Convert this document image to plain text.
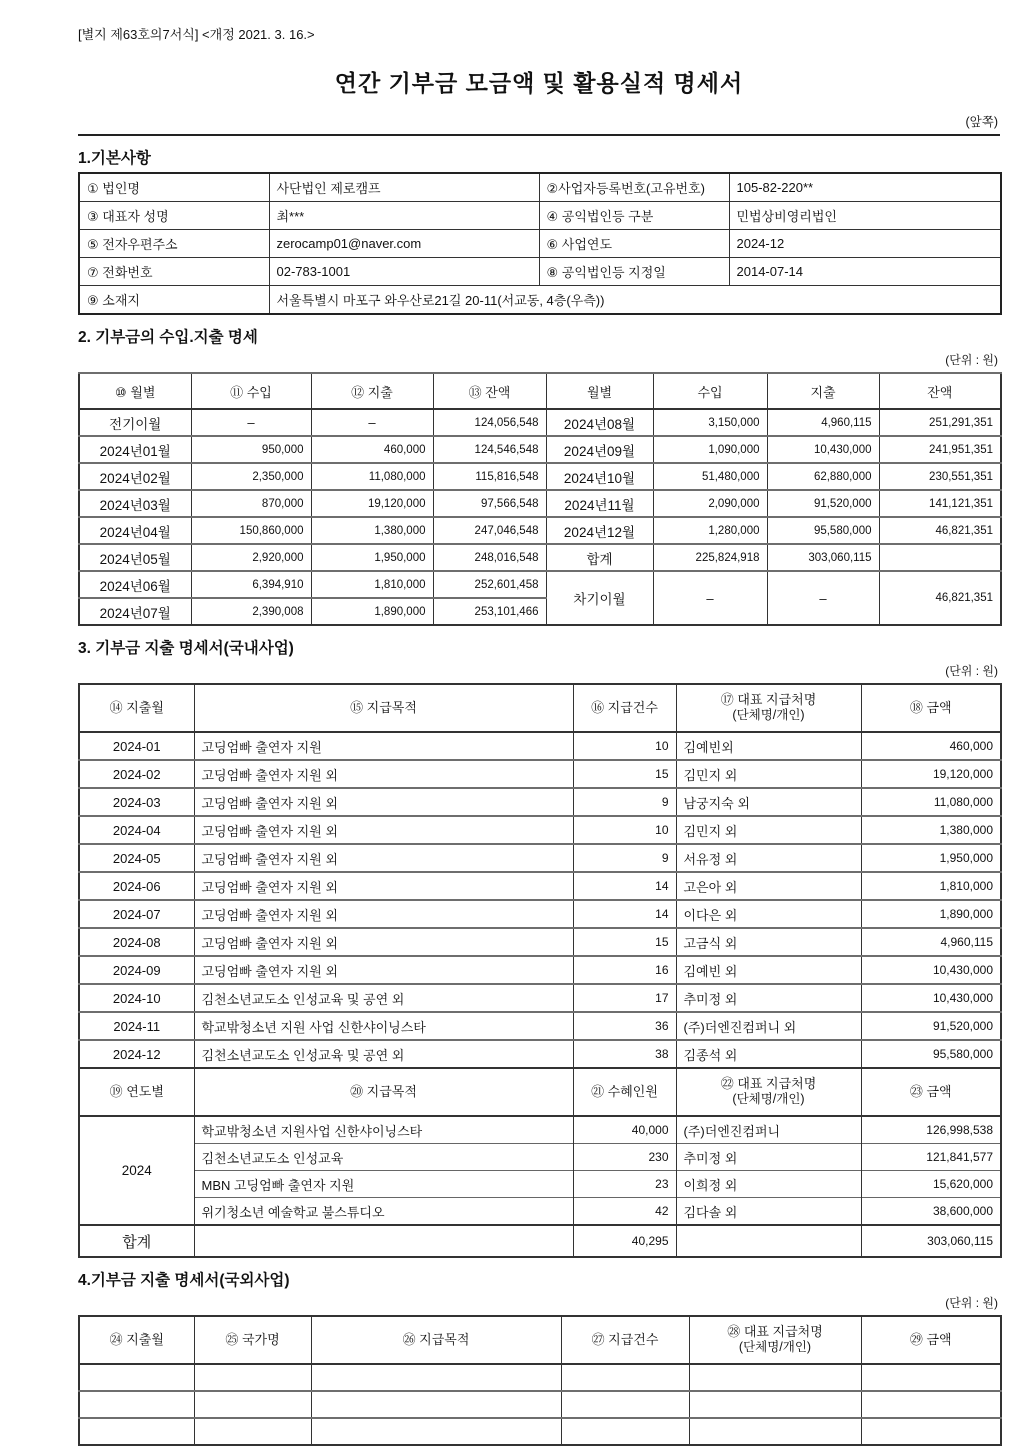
[별지 제63호의7서식] <개정 2021. 3. 16.>
연간 기부금 모금액 및 활용실적 명세서
(앞쪽)
1.기본사항
① 법인명	사단법인 제로캠프	②사업자등록번호(고유번호)	105-82-220**
③ 대표자 성명	최***	④ 공익법인등 구분	민법상비영리법인
⑤ 전자우편주소	zerocamp01@naver.com	⑥ 사업연도	2024-12
⑦ 전화번호	02-783-1001	⑧ 공익법인등 지정일	2014-07-14
⑨ 소재지	서울특별시 마포구 와우산로21길 20-11(서교동, 4층(우측))		
2. 기부금의 수입.지출 명세
(단위 : 원)
⑩ 월별	⑪ 수입	⑫ 지출	⑬ 잔액	월별	수입	지출	잔액
전기이월	–	–	124,056,548	2024년08월	3,150,000	4,960,115	251,291,351
2024년01월	950,000	460,000	124,546,548	2024년09월	1,090,000	10,430,000	241,951,351
2024년02월	2,350,000	11,080,000	115,816,548	2024년10월	51,480,000	62,880,000	230,551,351
2024년03월	870,000	19,120,000	97,566,548	2024년11월	2,090,000	91,520,000	141,121,351
2024년04월	150,860,000	1,380,000	247,046,548	2024년12월	1,280,000	95,580,000	46,821,351
2024년05월	2,920,000	1,950,000	248,016,548	합계	225,824,918	303,060,115	
2024년06월	6,394,910	1,810,000	252,601,458	차기이월	–	–	46,821,351
2024년07월	2,390,008	1,890,000	253,101,466				
3. 기부금 지출 명세서(국내사업)
(단위 : 원)
⑭ 지출월	⑮ 지급목적	⑯ 지급건수	⑰ 대표 지급처명
(단체명/개인)	⑱ 금액
2024-01	고딩엄빠 출연자 지원	10	김예빈외	460,000
2024-02	고딩엄빠 출연자 지원 외	15	김민지 외	19,120,000
2024-03	고딩엄빠 출연자 지원 외	9	남궁지숙 외	11,080,000
2024-04	고딩엄빠 출연자 지원 외	10	김민지 외	1,380,000
2024-05	고딩엄빠 출연자 지원 외	9	서유정 외	1,950,000
2024-06	고딩엄빠 출연자 지원 외	14	고은아 외	1,810,000
2024-07	고딩엄빠 출연자 지원 외	14	이다은 외	1,890,000
2024-08	고딩엄빠 출연자 지원 외	15	고금식 외	4,960,115
2024-09	고딩엄빠 출연자 지원 외	16	김예빈 외	10,430,000
2024-10	김천소년교도소 인성교육 및 공연 외	17	추미정 외	10,430,000
2024-11	학교밖청소년 지원 사업 신한샤이닝스타	36	(주)더엔진컴퍼니 외	91,520,000
2024-12	김천소년교도소 인성교육 및 공연 외	38	김종석 외	95,580,000
⑲ 연도별	⑳ 지급목적	㉑ 수혜인원	㉒ 대표 지급처명
(단체명/개인)	㉓ 금액
2024	학교밖청소년 지원사업 신한샤이닝스타	40,000	(주)더엔진컴퍼니	126,998,538
	김천소년교도소 인성교육	230	추미정 외	121,841,577
	MBN 고딩엄빠 출연자 지원	23	이희정 외	15,620,000
	위기청소년 예술학교 불스튜디오	42	김다솔 외	38,600,000
합계		40,295		303,060,115
4.기부금 지출 명세서(국외사업)
(단위 : 원)
㉔ 지출월	㉕ 국가명	㉖ 지급목적	㉗ 지급건수	㉘ 대표 지급처명
(단체명/개인)	㉙ 금액
